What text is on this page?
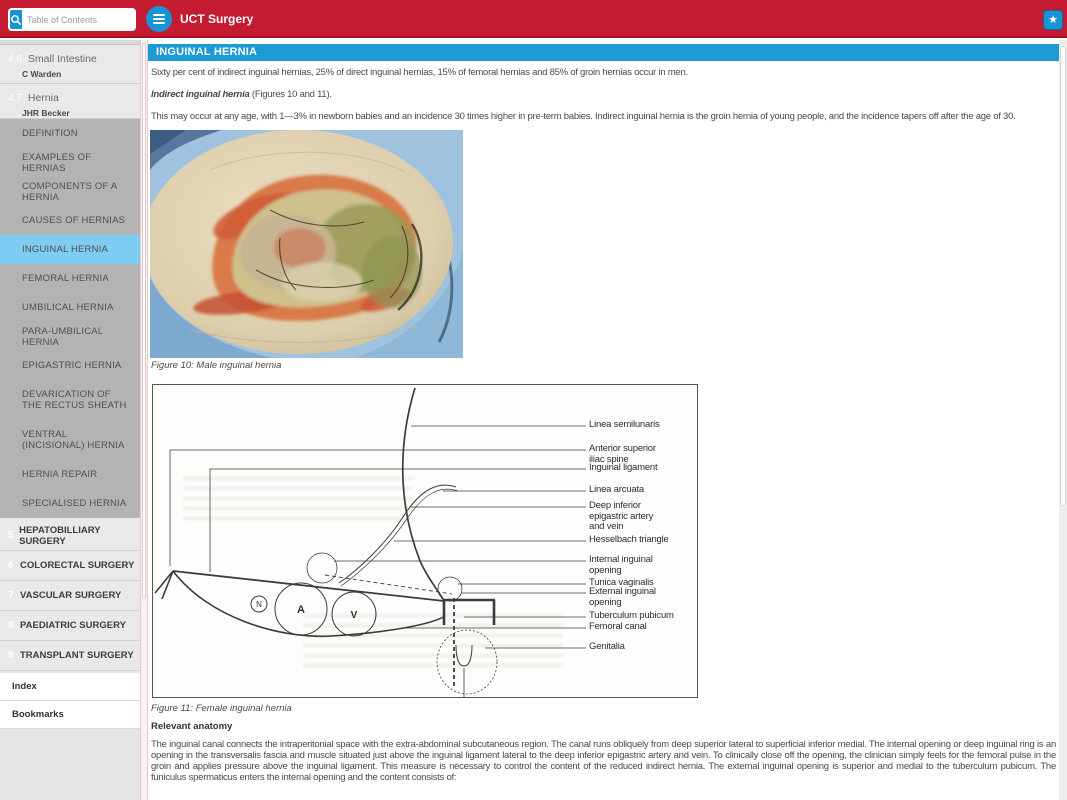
Table of Contents
UCT Surgery	★
4.6 Small Intestine
C Warden
4.7 Hernia
JHR Becker
DEFINITION
EXAMPLES OF HERNIAS
COMPONENTS OF A HERNIA
CAUSES OF HERNIAS
INGUINAL HERNIA
FEMORAL HERNIA
UMBILICAL HERNIA
PARA-UMBILICAL HERNIA
EPIGASTRIC HERNIA
DEVARICATION OF THE RECTUS SHEATH
VENTRAL (INCISIONAL) HERNIA
HERNIA REPAIR
SPECIALISED HERNIA
5 HEPATOBILLIARY SURGERY
6 COLORECTAL SURGERY
7 VASCULAR SURGERY
8 PAEDIATRIC SURGERY
9 TRANSPLANT SURGERY
Index
Bookmarks
INGUINAL HERNIA

Sixty per cent of indirect inguinal hernias, 25% of direct inguinal hernias, 15% of femoral hernias and 85% of groin hernias occur in men.

Indirect inguinal hernia (Figures 10 and 11).

This may occur at any age, with 1—3% in newborn babies and an incidence 30 times higher in pre-term babies. Indirect inguinal hernia is the groin hernia of young people, and the incidence tapers off after the age of 30.

Figure 10: Male inguinal hernia
N	A	V
Linea semilunaris
Anterior superior iliac spine
Inguinal ligament
Linea arcuata
Deep inferior epigastric artery and vein
Hesselbach triangle
Internal inguinal opening
Tunica vaginalis
External inguinal opening
Tuberculum pubicum
Femoral canal
Genitalia
Figure 11: Female inguinal hernia
Relevant anatomy

The inguinal canal connects the intraperitonial space with the extra-abdominal subcutaneous region. The canal runs obliquely from deep superior lateral to superficial inferior medial. The internal opening or deep inguinal ring is an opening in the transversalis fascia and muscle situated just above the inguinal ligament lateral to the deep inferior epigastric artery and vein. To clinically close off the opening, the clinician simply feels for the femoral pulse in the groin and applies pressure above the inguinal ligament. This measure is necessary to control the content of the reduced indirect hernia. The external inguinal opening is superior and medial to the tuberculum pubicum. The funiculus spermaticus enters the internal opening and the content consists of:
